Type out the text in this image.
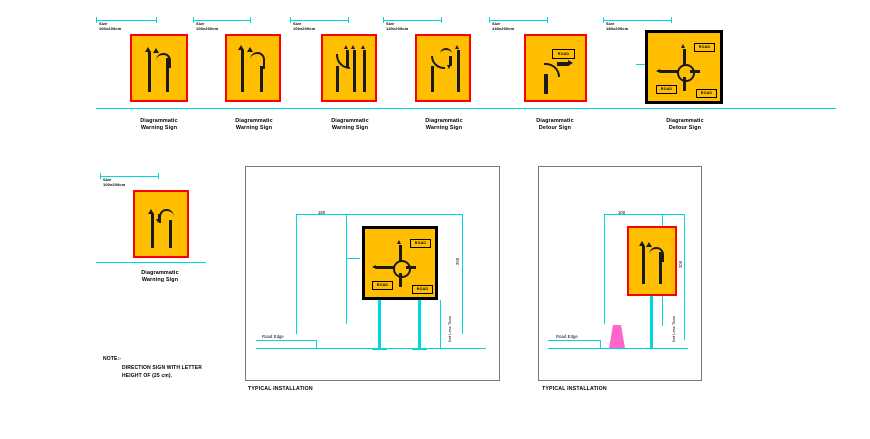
Size
100x200cm
Diagrammatic
Warning Sign
Size
100x200cm
Diagrammatic
Warning Sign
Size
100x200cm
Diagrammatic
Warning Sign
Size
140x200cm
Diagrammatic
Warning Sign
Size
140x200cm
ROAD
Diagrammatic
Detour Sign
Size
180x200cm
ROAD
ROAD
ROAD
Diagrammatic
Detour Sign
Size
100x200cm
Diagrammatic
Warning Sign
NOTE:-
DIRECTION SIGN WITH LETTER
HEIGHT OF (25 cm).
180
200
ROAD
ROAD
ROAD
Road Edge	Not Less Than
TYPICAL INSTALLATION
100
200
Road Edge	Not Less Than
TYPICAL INSTALLATION
